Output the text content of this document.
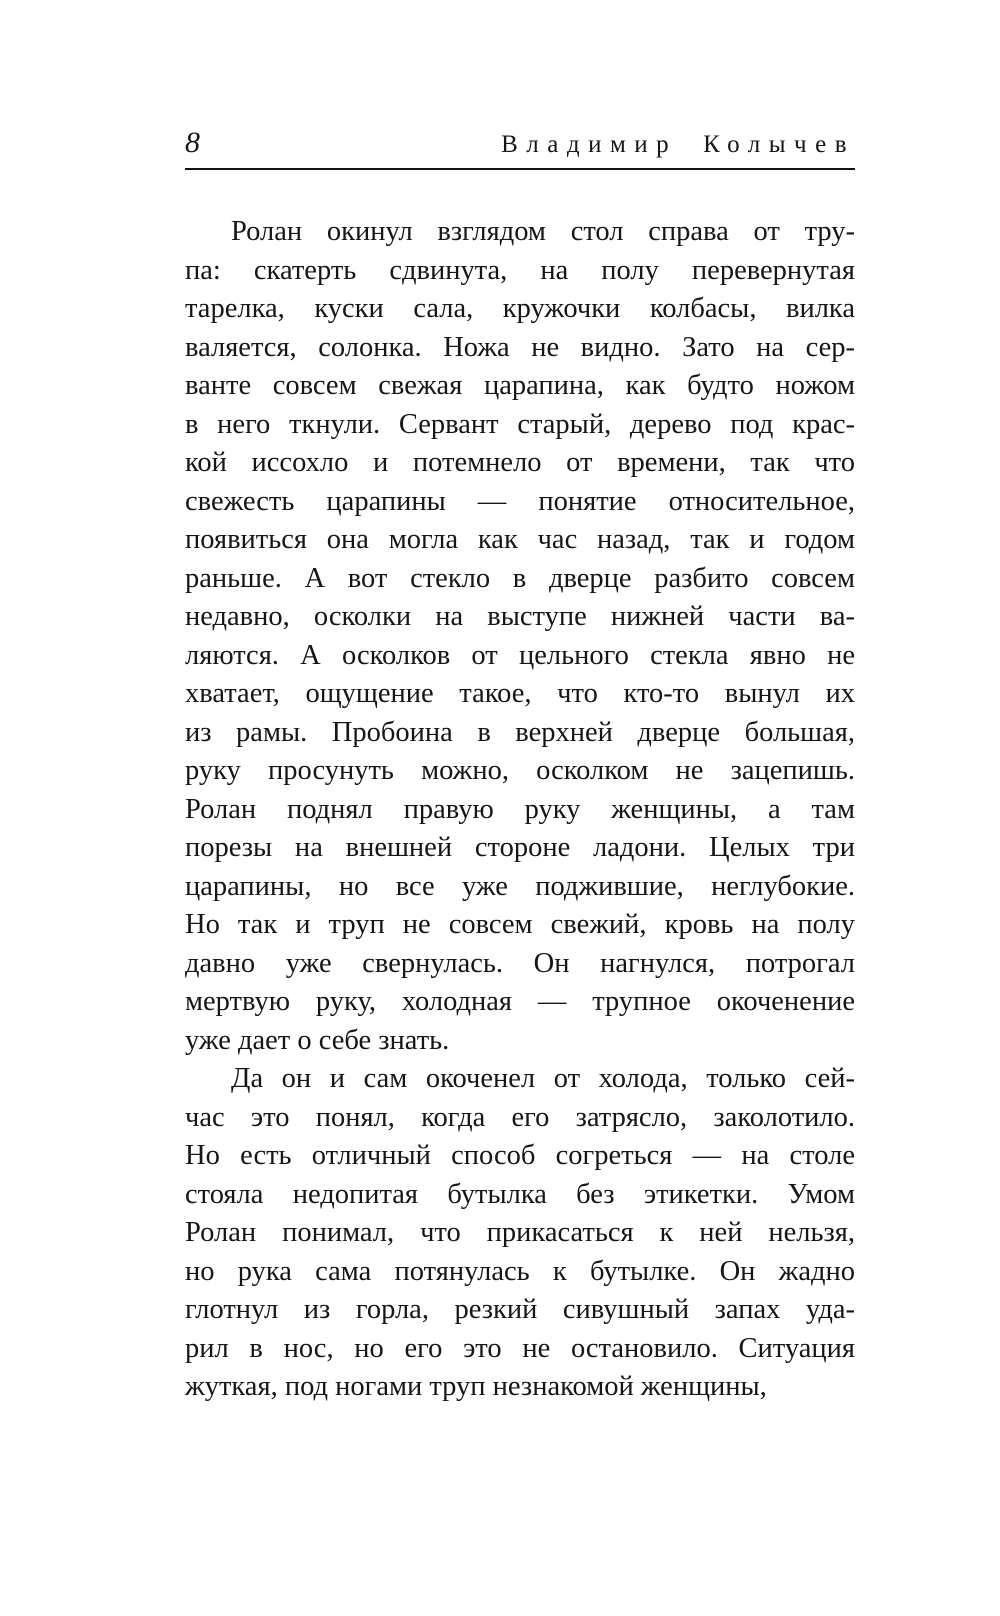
8	Владимир Колычев
Ролан окинул взглядом стол справа от тру-
па: скатерть сдвинута, на полу перевернутая
тарелка, куски сала, кружочки колбасы, вилка
валяется, солонка. Ножа не видно. Зато на сер-
ванте совсем свежая царапина, как будто ножом
в него ткнули. Сервант старый, дерево под крас-
кой иссохло и потемнело от времени, так что
свежесть царапины — понятие относительное,
появиться она могла как час назад, так и годом
раньше. А вот стекло в дверце разбито совсем
недавно, осколки на выступе нижней части ва-
ляются. А осколков от цельного стекла явно не
хватает, ощущение такое, что кто-то вынул их
из рамы. Пробоина в верхней дверце большая,
руку просунуть можно, осколком не зацепишь.
Ролан поднял правую руку женщины, а там
порезы на внешней стороне ладони. Целых три
царапины, но все уже поджившие, неглубокие.
Но так и труп не совсем свежий, кровь на полу
давно уже свернулась. Он нагнулся, потрогал
мертвую руку, холодная — трупное окоченение
уже дает о себе знать.
Да он и сам окоченел от холода, только сей-
час это понял, когда его затрясло, заколотило.
Но есть отличный способ согреться — на столе
стояла недопитая бутылка без этикетки. Умом
Ролан понимал, что прикасаться к ней нельзя,
но рука сама потянулась к бутылке. Он жадно
глотнул из горла, резкий сивушный запах уда-
рил в нос, но его это не остановило. Ситуация
жуткая, под ногами труп незнакомой женщины,
